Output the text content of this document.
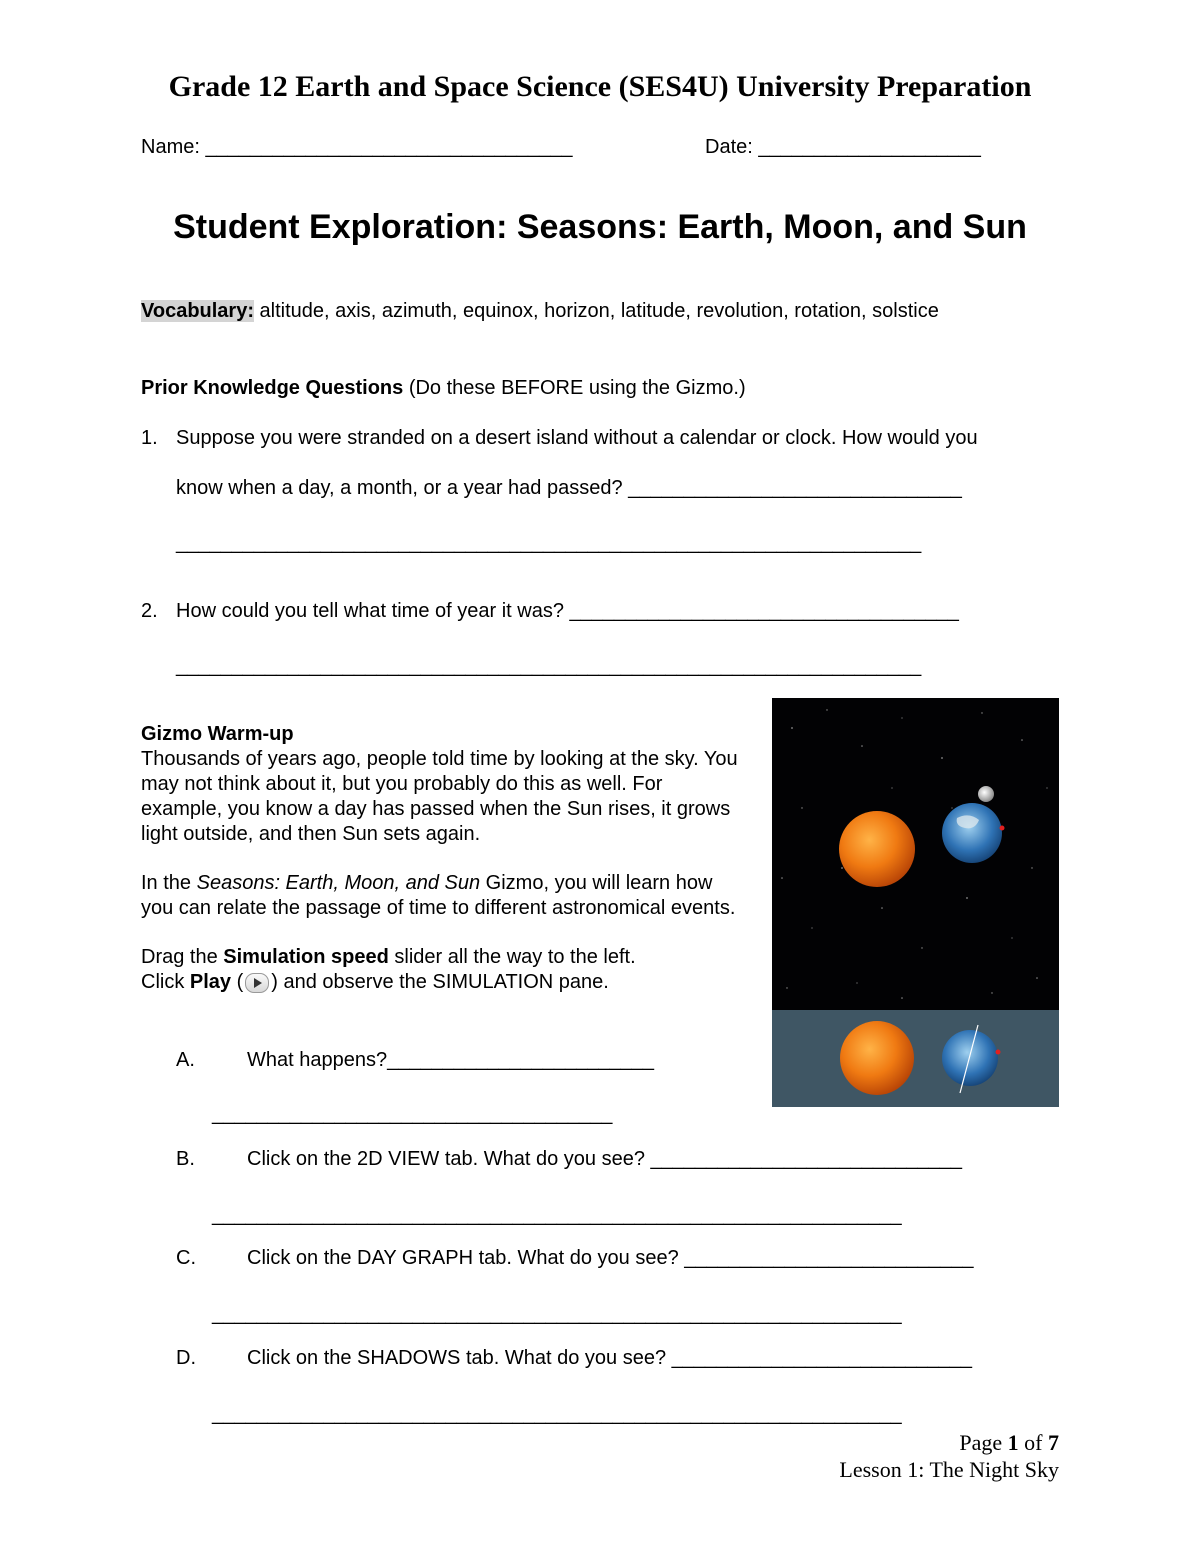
Grade 12 Earth and Space Science (SES4U) University Preparation
Name: _________________________________	Date: ____________________
Student Exploration: Seasons: Earth, Moon, and Sun
Vocabulary: altitude, axis, azimuth, equinox, horizon, latitude, revolution, rotation, solstice
Prior Knowledge Questions (Do these BEFORE using the Gizmo.)
1. Suppose you were stranded on a desert island without a calendar or clock. How would you
know when a day, a month, or a year had passed? ______________________________
___________________________________________________________________
2. How could you tell what time of year it was? ___________________________________
___________________________________________________________________
Gizmo Warm-up

Thousands of years ago, people told time by looking at the sky. You may not think about it, but you probably do this as well. For example, you know a day has passed when the Sun rises, it grows light outside, and then Sun sets again.

In the Seasons: Earth, Moon, and Sun Gizmo, you will learn how you can relate the passage of time to different astronomical events.

Drag the Simulation speed slider all the way to the left.
Click Play ( ) and observe the SIMULATION pane.
A.	What happens?________________________
____________________________________
B.	Click on the 2D VIEW tab. What do you see? ____________________________
______________________________________________________________
C.	Click on the DAY GRAPH tab. What do you see? __________________________
______________________________________________________________
D.	Click on the SHADOWS tab. What do you see? ___________________________
______________________________________________________________
Page 1 of 7
Lesson 1: The Night Sky
